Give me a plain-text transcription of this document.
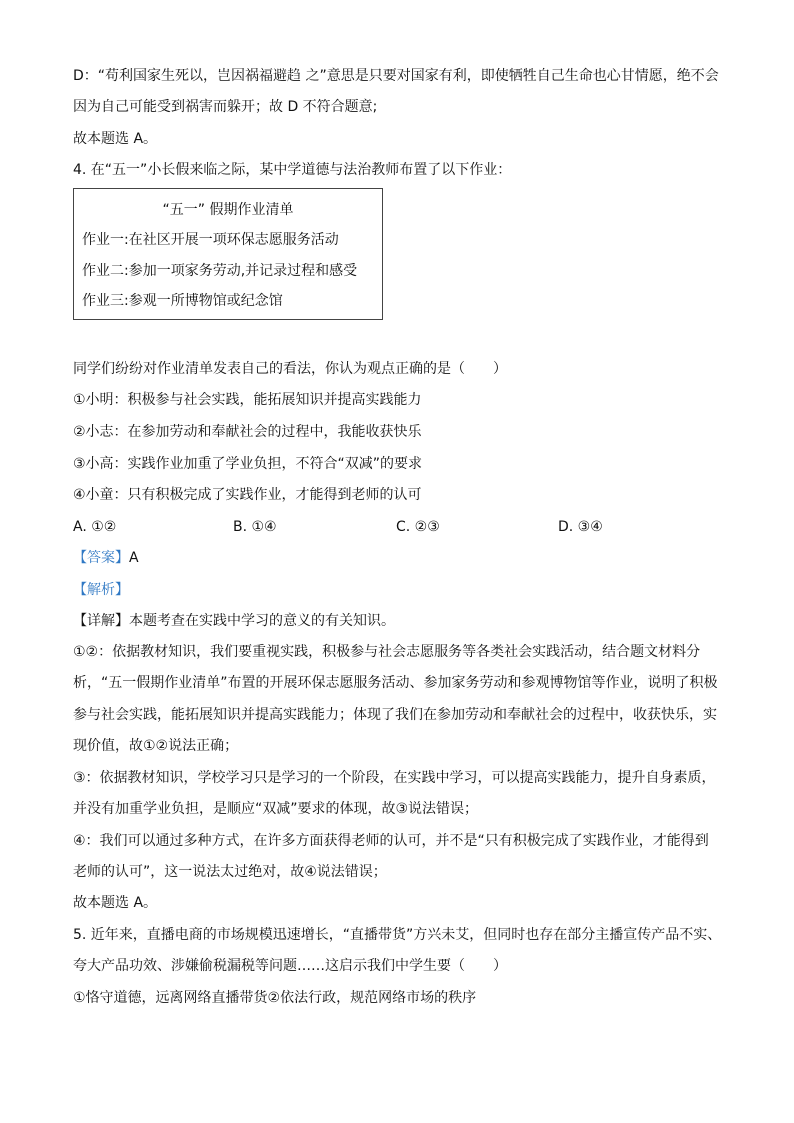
D：“苟利国家生死以，岂因祸福避趋 之”意思是只要对国家有利，即使牺牲自己生命也心甘情愿，绝不会
因为自己可能受到祸害而躲开；故 D 不符合题意;
故本题选 A。
4. 在“五一”小长假来临之际，某中学道德与法治教师布置了以下作业：
“五一” 假期作业清单
作业一:在社区开展一项环保志愿服务活动
作业二:参加一项家务劳动,并记录过程和感受
作业三:参观一所博物馆或纪念馆
同学们纷纷对作业清单发表自己的看法，你认为观点正确的是（　　）
①小明：积极参与社会实践，能拓展知识并提高实践能力
②小志：在参加劳动和奉献社会的过程中，我能收获快乐
③小高：实践作业加重了学业负担，不符合“双减”的要求
④小童：只有积极完成了实践作业，才能得到老师的认可
A. ①②	B. ①④	C. ②③	D. ③④
【答案】A
【解析】
【详解】本题考查在实践中学习的意义的有关知识。
①②：依据教材知识，我们要重视实践，积极参与社会志愿服务等各类社会实践活动，结合题文材料分
析，“五一假期作业清单”布置的开展环保志愿服务活动、参加家务劳动和参观博物馆等作业，说明了积极
参与社会实践，能拓展知识并提高实践能力；体现了我们在参加劳动和奉献社会的过程中，收获快乐，实
现价值，故①②说法正确；
③：依据教材知识，学校学习只是学习的一个阶段，在实践中学习，可以提高实践能力，提升自身素质，
并没有加重学业负担，是顺应“双减”要求的体现，故③说法错误；
④：我们可以通过多种方式，在许多方面获得老师的认可，并不是“只有积极完成了实践作业，才能得到
老师的认可”，这一说法太过绝对，故④说法错误；
故本题选 A。
5. 近年来，直播电商的市场规模迅速增长，“直播带货”方兴未艾，但同时也存在部分主播宣传产品不实、
夸大产品功效、涉嫌偷税漏税等问题……这启示我们中学生要（　　）
①恪守道德，远离网络直播带货②依法行政，规范网络市场的秩序
